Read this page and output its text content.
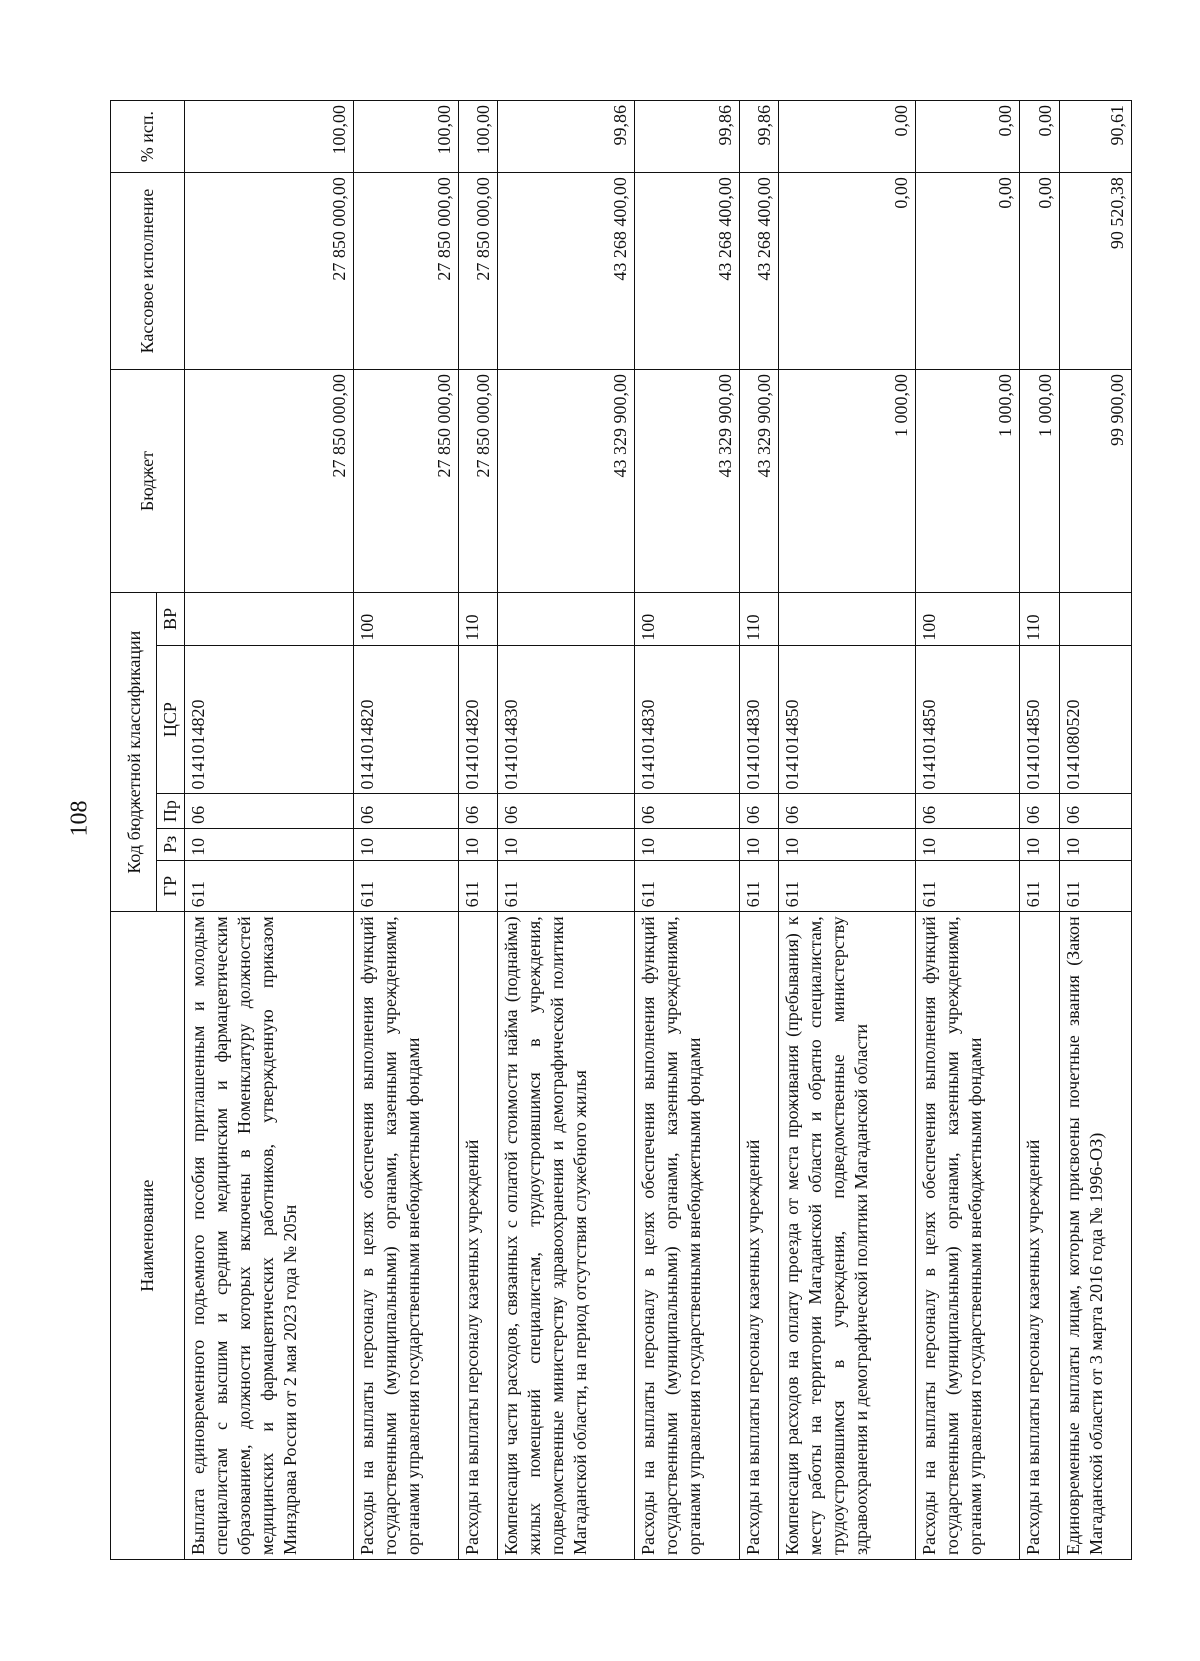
108
Наименование	Код бюджетной классификации					Бюджет	Кассовое исполнение	% исп.
	ГР	Рз	Пр	ЦСР	ВР			
Выплата единовременного подъемного пособия приглашенным и молодым специалистам с высшим и средним медицинским и фармацевтическим образованием, должности которых включены в Номенклатуру должностей медицинских и фармацевтических работников, утвержденную приказом Минздрава России от 2 мая 2023 года № 205н	611	10	06	0141014820		27 850 000,00	27 850 000,00	100,00
Расходы на выплаты персоналу в целях обеспечения выполнения функций государственными (муниципальными) органами, казенными учреждениями, органами управления государственными внебюджетными фондами	611	10	06	0141014820	100	27 850 000,00	27 850 000,00	100,00
Расходы на выплаты персоналу казенных учреждений	611	10	06	0141014820	110	27 850 000,00	27 850 000,00	100,00
Компенсация части расходов, связанных с оплатой стоимости найма (поднайма) жилых помещений специалистам, трудоустроившимся в учреждения, подведомственные министерству здравоохранения и демографической политики Магаданской области, на период отсутствия служебного жилья	611	10	06	0141014830		43 329 900,00	43 268 400,00	99,86
Расходы на выплаты персоналу в целях обеспечения выполнения функций государственными (муниципальными) органами, казенными учреждениями, органами управления государственными внебюджетными фондами	611	10	06	0141014830	100	43 329 900,00	43 268 400,00	99,86
Расходы на выплаты персоналу казенных учреждений	611	10	06	0141014830	110	43 329 900,00	43 268 400,00	99,86
Компенсация расходов на оплату проезда от места проживания (пребывания) к месту работы на территории Магаданской области и обратно специалистам, трудоустроившимся в учреждения, подведомственные министерству здравоохранения и демографической политики Магаданской области	611	10	06	0141014850		1 000,00	0,00	0,00
Расходы на выплаты персоналу в целях обеспечения выполнения функций государственными (муниципальными) органами, казенными учреждениями, органами управления государственными внебюджетными фондами	611	10	06	0141014850	100	1 000,00	0,00	0,00
Расходы на выплаты персоналу казенных учреждений	611	10	06	0141014850	110	1 000,00	0,00	0,00
Единовременные выплаты лицам, которым присвоены почетные звания (Закон Магаданской области от 3 марта 2016 года № 1996-ОЗ)	611	10	06	0141080520		99 900,00	90 520,38	90,61
